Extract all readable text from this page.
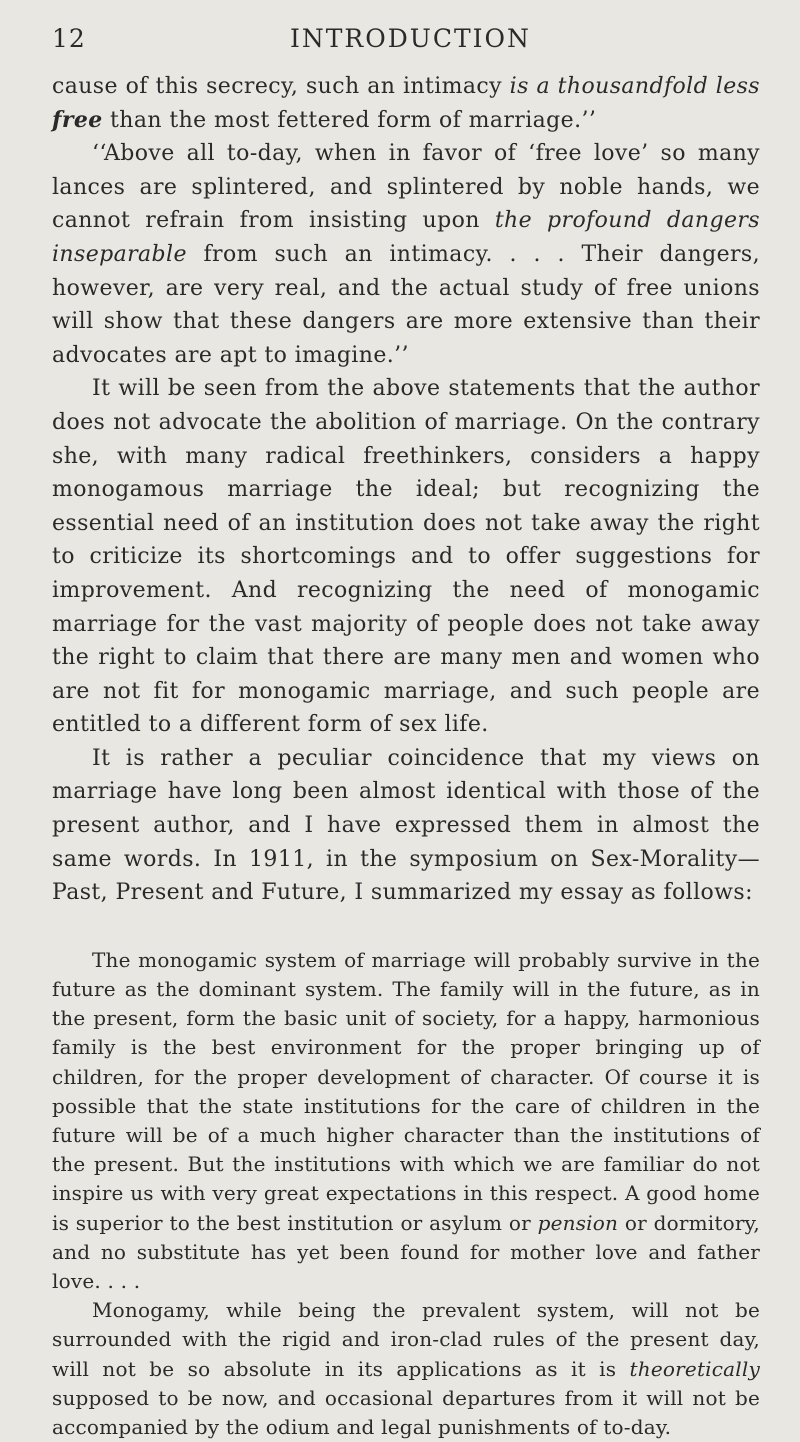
12	INTRODUCTION

cause of this secrecy, such an intimacy is a thousandfold less free than the most fettered form of marriage.’’

‘‘Above all to-day, when in favor of ‘free love’ so many lances are splintered, and splintered by noble hands, we cannot refrain from insisting upon the profound dangers inseparable from such an intimacy. . . . Their dangers, however, are very real, and the actual study of free unions will show that these dangers are more extensive than their advocates are apt to imagine.’’

It will be seen from the above statements that the author does not advocate the abolition of marriage. On the contrary she, with many radical freethinkers, considers a happy monogamous marriage the ideal; but recognizing the essential need of an institution does not take away the right to criticize its shortcomings and to offer suggestions for improvement. And recognizing the need of monogamic marriage for the vast majority of people does not take away the right to claim that there are many men and women who are not fit for monogamic marriage, and such people are entitled to a different form of sex life.

It is rather a peculiar coincidence that my views on marriage have long been almost identical with those of the present author, and I have expressed them in almost the same words. In 1911, in the symposium on Sex-Morality—Past, Present and Future, I summarized my essay as follows:

The monogamic system of marriage will probably survive in the future as the dominant system. The family will in the future, as in the present, form the basic unit of society, for a happy, harmonious family is the best environment for the proper bringing up of children, for the proper development of character. Of course it is possible that the state institutions for the care of children in the future will be of a much higher character than the institutions of the present. But the institutions with which we are familiar do not inspire us with very great expectations in this respect. A good home is superior to the best institution or asylum or pension or dormitory, and no substitute has yet been found for mother love and father love. . . .

Monogamy, while being the prevalent system, will not be surrounded with the rigid and iron-clad rules of the present day, will not be so absolute in its applications as it is theoretically supposed to be now, and occasional departures from it will not be accompanied by the odium and legal punishments of to-day.
